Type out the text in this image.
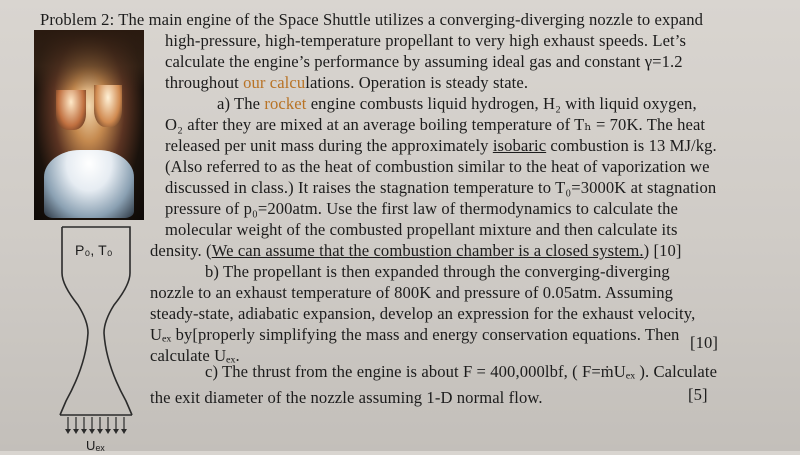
P₀, T₀
Uₑₓ
Problem 2: The main engine of the Space Shuttle utilizes a converging-diverging nozzle to expand
high-pressure, high-temperature propellant to very high exhaust speeds. Let’s
calculate the engine’s performance by assuming ideal gas and constant γ=1.2
throughout our calculations. Operation is steady state.
a) The rocket engine combusts liquid hydrogen, H₂ with liquid oxygen,
O₂ after they are mixed at an average boiling temperature of Tₕ = 70K. The heat
released per unit mass during the approximately isobaric combustion is 13 MJ/kg.
(Also referred to as the heat of combustion similar to the heat of vaporization we
discussed in class.) It raises the stagnation temperature to T₀=3000K at stagnation
pressure of p₀=200atm. Use the first law of thermodynamics to calculate the
molecular weight of the combusted propellant mixture and then calculate its
density. (We can assume that the combustion chamber is a closed system.) [10]
b) The propellant is then expanded through the converging-diverging
nozzle to an exhaust temperature of 800K and pressure of 0.05atm. Assuming
steady-state, adiabatic expansion, develop an expression for the exhaust velocity,
Uₑₓ by[properly simplifying the mass and energy conservation equations. Then
calculate Uₑₓ.
[10]
c) The thrust from the engine is about F = 400,000lbf, ( F=ṁUₑₓ ). Calculate
the exit diameter of the nozzle assuming 1-D normal flow.	[5]
